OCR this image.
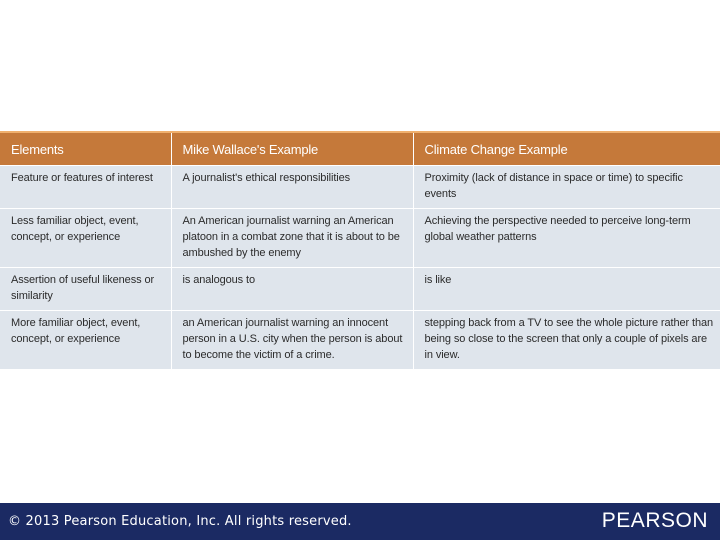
Elements	Mike Wallace's Example	Climate Change Example
Feature or features of interest	A journalist's ethical responsibilities	Proximity (lack of distance in space or time) to specific events
Less familiar object, event, concept, or experience	An American journalist warning an American platoon in a combat zone that it is about to be ambushed by the enemy	Achieving the perspective needed to perceive long-term global weather patterns
Assertion of useful likeness or similarity	is analogous to	is like
More familiar object, event, concept, or experience	an American journalist warning an innocent person in a U.S. city when the person is about to become the victim of a crime.	stepping back from a TV to see the whole picture rather than being so close to the screen that only a couple of pixels are in view.
© 2013 Pearson Education, Inc. All rights reserved.	PEARSON
